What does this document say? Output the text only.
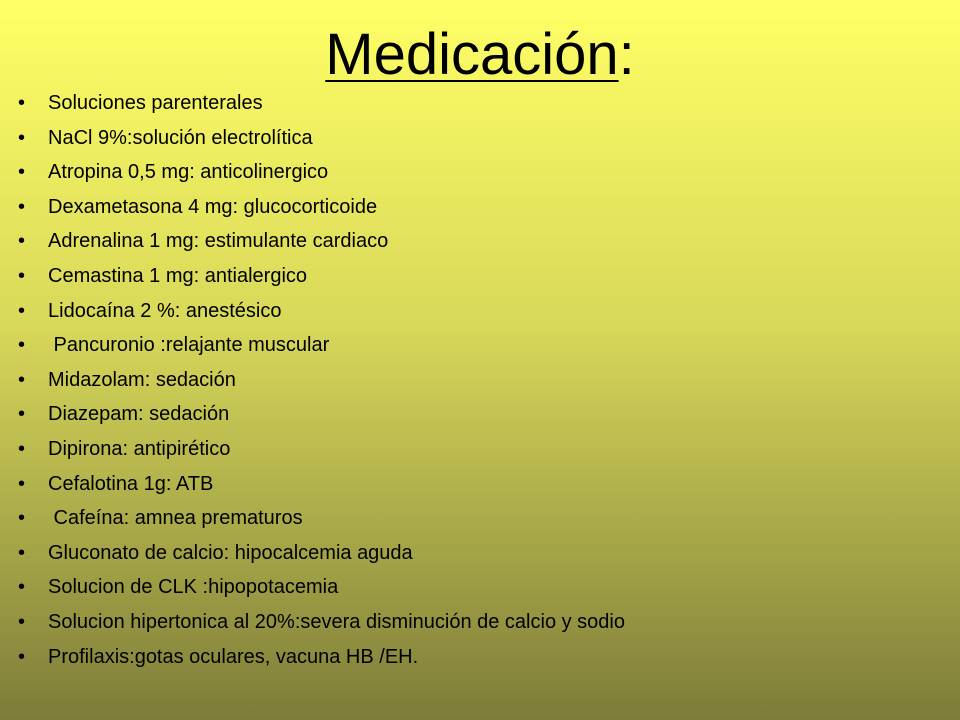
Medicación:
• Soluciones parenterales
• NaCl 9%:solución electrolítica
• Atropina 0,5 mg: anticolinergico
• Dexametasona 4 mg: glucocorticoide
• Adrenalina 1 mg: estimulante cardiaco
• Cemastina 1 mg: antialergico
• Lidocaína 2 %: anestésico
• Pancuronio :relajante muscular
• Midazolam: sedación
• Diazepam: sedación
• Dipirona: antipirético
• Cefalotina 1g: ATB
• Cafeína: amnea prematuros
• Gluconato de calcio: hipocalcemia aguda
• Solucion de CLK :hipopotacemia
• Solucion hipertonica al 20%:severa disminución de calcio y sodio
• Profilaxis:gotas oculares, vacuna HB /EH.
